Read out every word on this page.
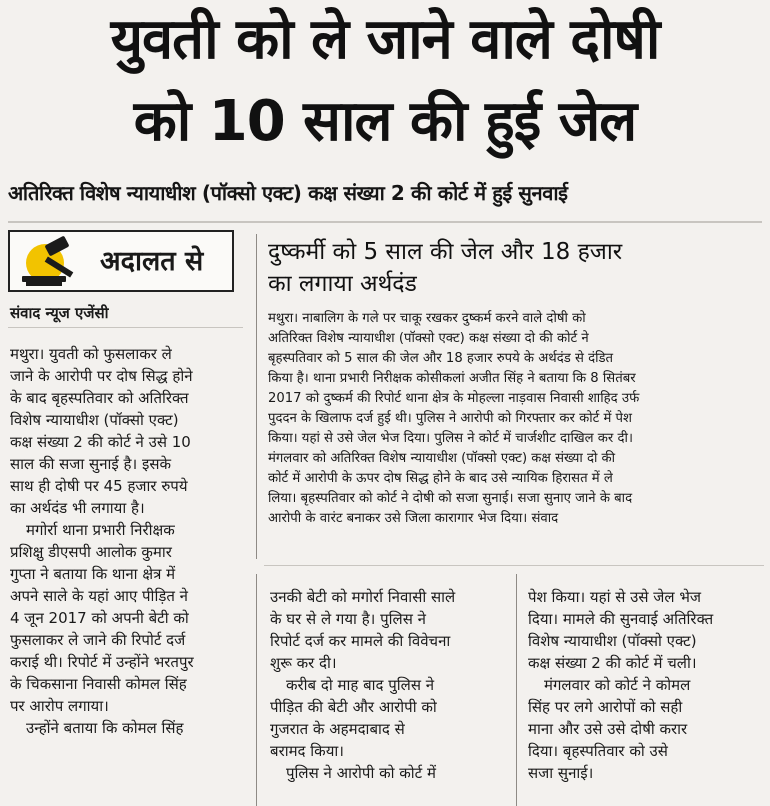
युवती को ले जाने वाले दोषी
को 10 साल की हुई जेल
अतिरिक्त विशेष न्यायाधीश (पॉक्सो एक्ट) कक्ष संख्या 2 की कोर्ट में हुई सुनवाई
अदालत से
संवाद न्यूज एजेंसी

मथुरा। युवती को फुसलाकर ले

जाने के आरोपी पर दोष सिद्ध होने

के बाद बृहस्पतिवार को अतिरिक्त

विशेष न्यायाधीश (पॉक्सो एक्ट)

कक्ष संख्या 2 की कोर्ट ने उसे 10

साल की सजा सुनाई है। इसके

साथ ही दोषी पर 45 हजार रुपये

का अर्थदंड भी लगाया है।

मगोर्रा थाना प्रभारी निरीक्षक

प्रशिक्षु डीएसपी आलोक कुमार

गुप्ता ने बताया कि थाना क्षेत्र में

अपने साले के यहां आए पीड़ित ने

4 जून 2017 को अपनी बेटी को

फुसलाकर ले जाने की रिपोर्ट दर्ज

कराई थी। रिपोर्ट में उन्होंने भरतपुर

के चिकसाना निवासी कोमल सिंह

पर आरोप लगाया।

उन्होंने बताया कि कोमल सिंह

दुष्कर्मी को 5 साल की जेल और 18 हजार
का लगाया अर्थदंड

मथुरा। नाबालिग के गले पर चाकू रखकर दुष्कर्म करने वाले दोषी को

अतिरिक्त विशेष न्यायाधीश (पॉक्सो एक्ट) कक्ष संख्या दो की कोर्ट ने

बृहस्पतिवार को 5 साल की जेल और 18 हजार रुपये के अर्थदंड से दंडित

किया है। थाना प्रभारी निरीक्षक कोसीकलां अजीत सिंह ने बताया कि 8 सितंबर

2017 को दुष्कर्म की रिपोर्ट थाना क्षेत्र के मोहल्ला नाड़वास निवासी शाहिद उर्फ

पुददन के खिलाफ दर्ज हुई थी। पुलिस ने आरोपी को गिरफ्तार कर कोर्ट में पेश

किया। यहां से उसे जेल भेज दिया। पुलिस ने कोर्ट में चार्जशीट दाखिल कर दी।

मंगलवार को अतिरिक्त विशेष न्यायाधीश (पॉक्सो एक्ट) कक्ष संख्या दो की

कोर्ट में आरोपी के ऊपर दोष सिद्ध होने के बाद उसे न्यायिक हिरासत में ले

लिया। बृहस्पतिवार को कोर्ट ने दोषी को सजा सुनाई। सजा सुनाए जाने के बाद

आरोपी के वारंट बनाकर उसे जिला कारागार भेज दिया। संवाद

उनकी बेटी को मगोर्रा निवासी साले

के घर से ले गया है। पुलिस ने

रिपोर्ट दर्ज कर मामले की विवेचना

शुरू कर दी।

करीब दो माह बाद पुलिस ने

पीड़ित की बेटी और आरोपी को

गुजरात के अहमदाबाद से

बरामद किया।

पुलिस ने आरोपी को कोर्ट में

पेश किया। यहां से उसे जेल भेज

दिया। मामले की सुनवाई अतिरिक्त

विशेष न्यायाधीश (पॉक्सो एक्ट)

कक्ष संख्या 2 की कोर्ट में चली।

मंगलवार को कोर्ट ने कोमल

सिंह पर लगे आरोपों को सही

माना और उसे उसे दोषी करार

दिया। बृहस्पतिवार को उसे

सजा सुनाई।
